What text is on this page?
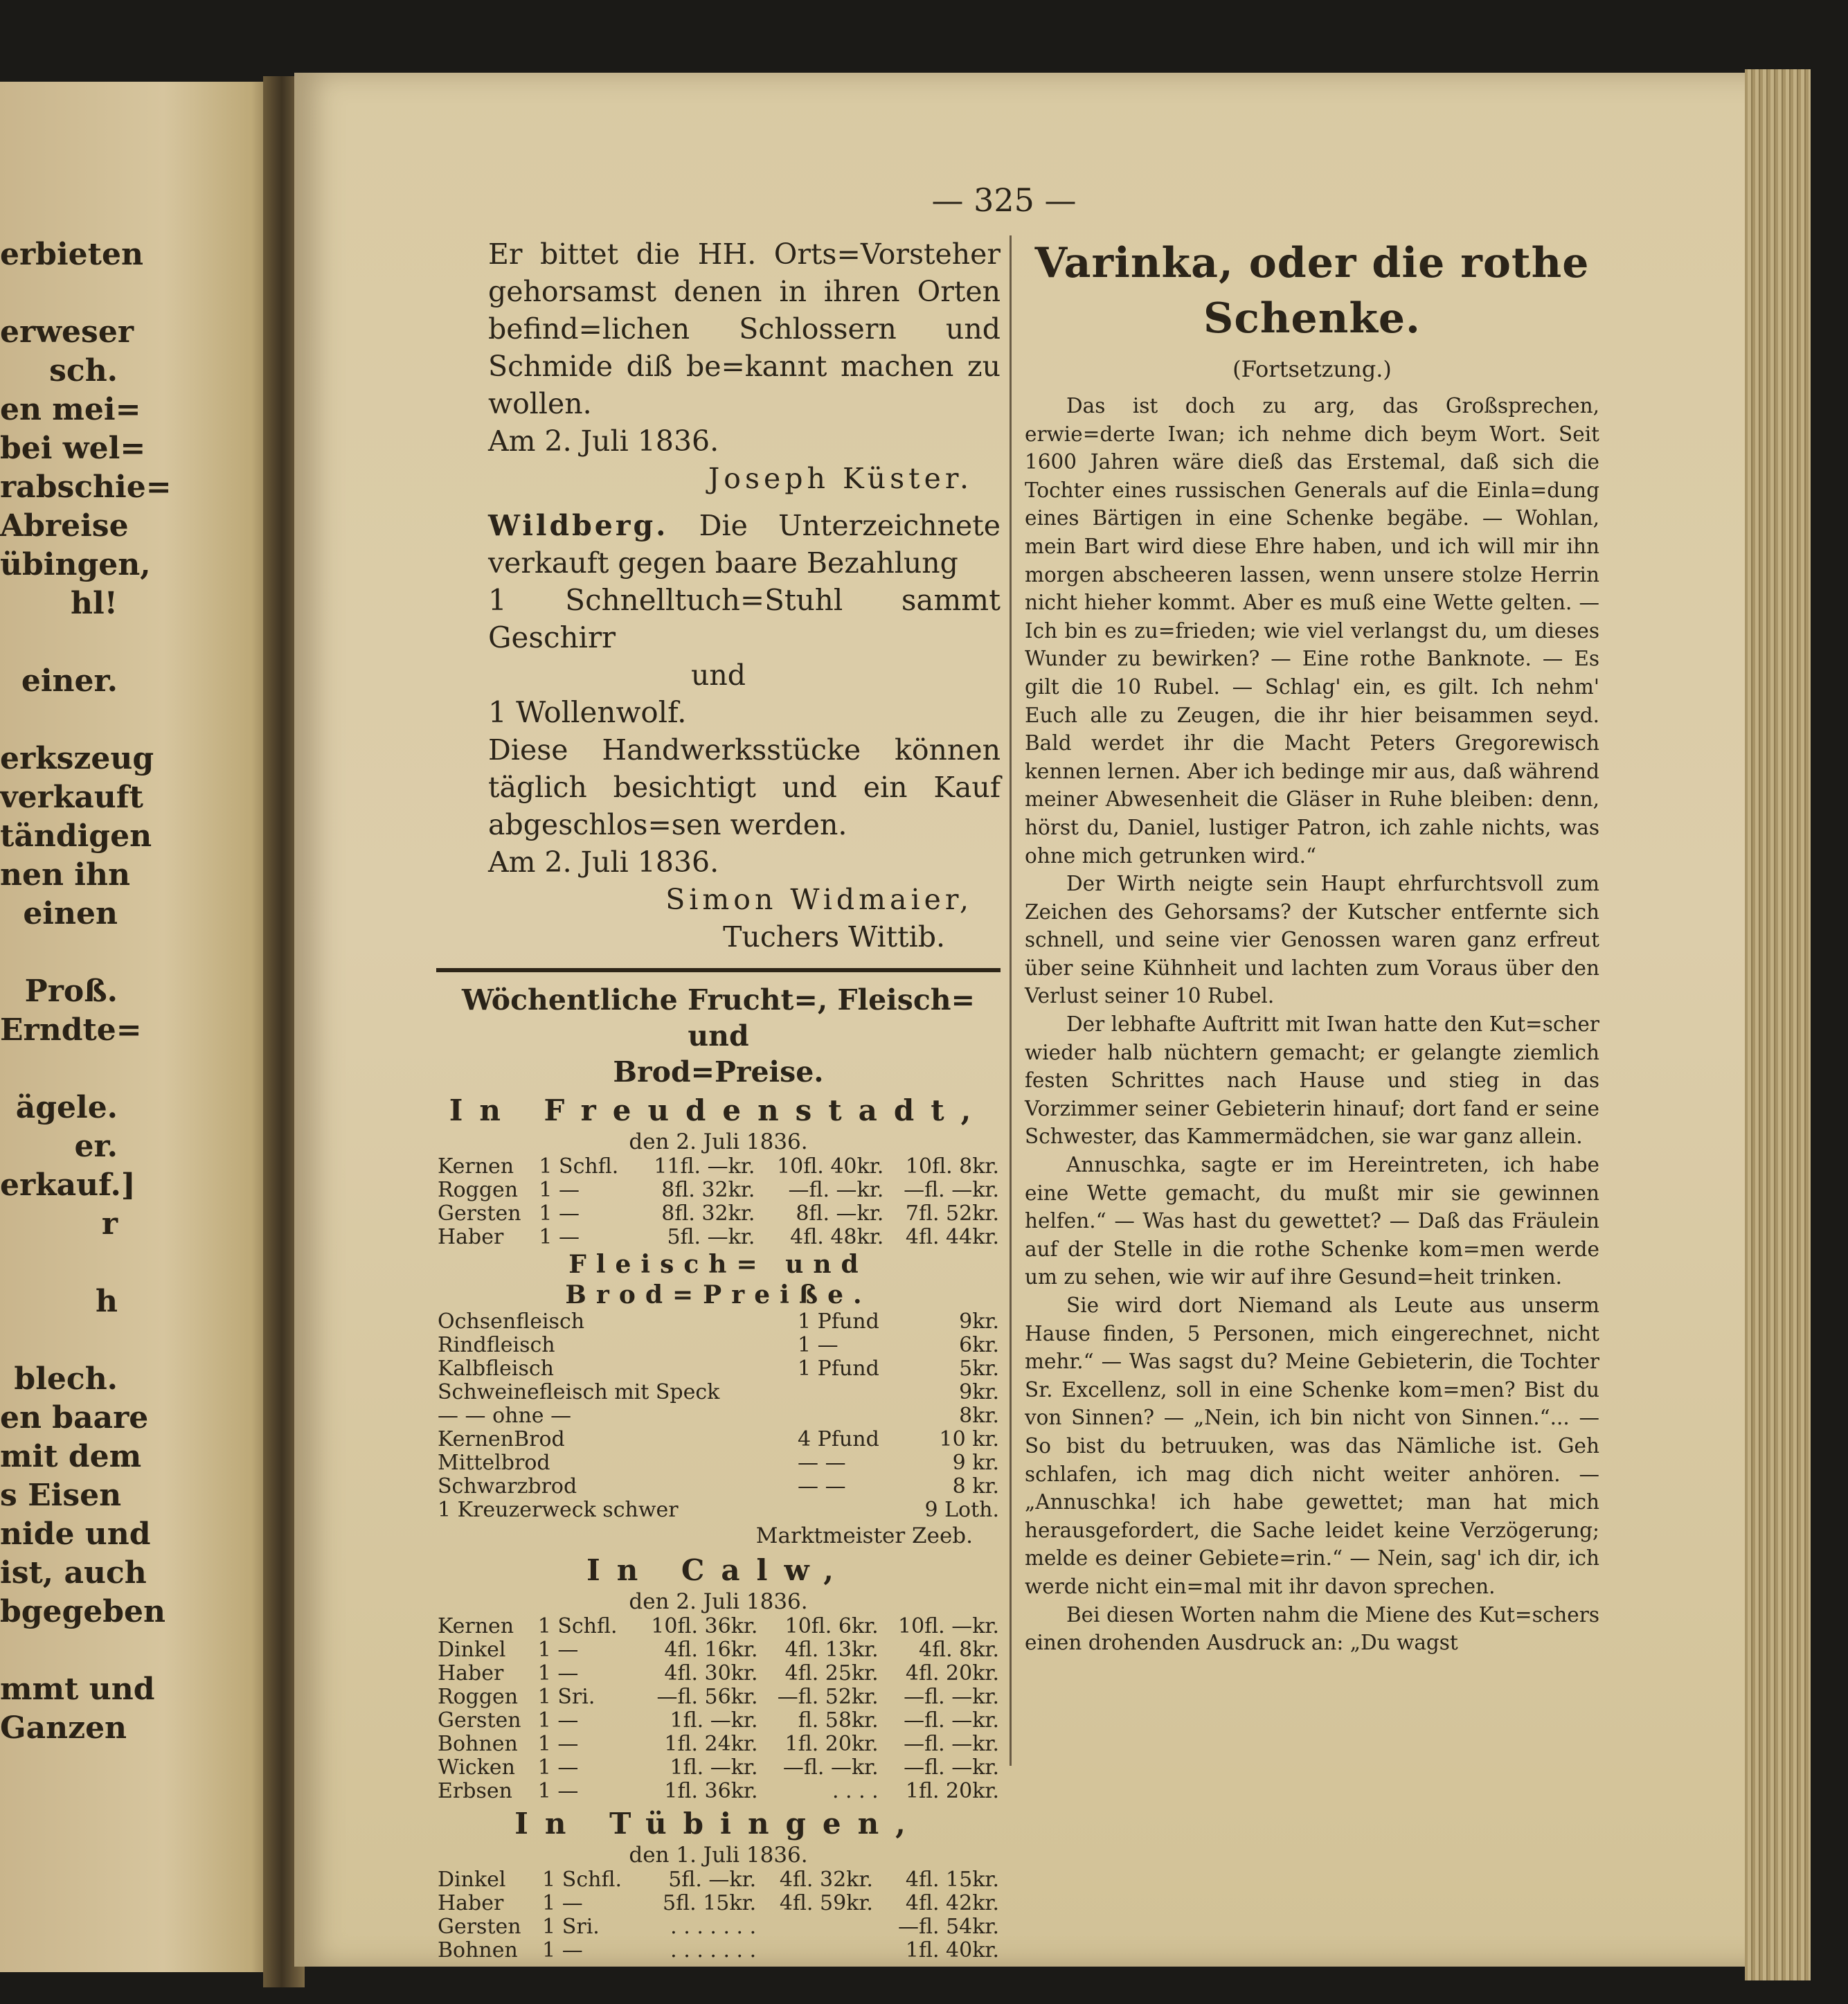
erbieten
erweser
sch.
en mei=
bei wel=
rabschie=
Abreise
übingen,
hl!
einer.
erkszeug
verkauft
tändigen
nen ihn
einen
Proß.
Erndte=
ägele.
er.
erkauf.]
r
h
blech.
en baare
mit dem
s Eisen
nide und
ist, auch
bgegeben
mmt und
Ganzen
— 325 —

Er bittet die HH. Orts=Vorsteher gehorsamst denen in ihren Orten befind=lichen Schlossern und Schmide diß be=kannt machen zu wollen.

Am 2. Juli 1836.

Joseph Küster.

Wildberg. Die Unterzeichnete verkauft gegen baare Bezahlung

1 Schnelltuch=Stuhl sammt Geschirr

und

1 Wollenwolf.

Diese Handwerksstücke können täglich besichtigt und ein Kauf abgeschlos=sen werden.

Am 2. Juli 1836.

Simon Widmaier,

Tuchers Wittib.

Wöchentliche Frucht=, Fleisch= und
Brod=Preise.
In Freudenstadt,
den 2. Juli 1836.
Kernen	1 Schfl.	11fl. —kr.	10fl. 40kr.	10fl. 8kr.
Roggen	1 —	8fl. 32kr.	—fl. —kr.	—fl. —kr.
Gersten	1 —	8fl. 32kr.	8fl. —kr.	7fl. 52kr.
Haber	1 —	5fl. —kr.	4fl. 48kr.	4fl. 44kr.
Fleisch= und Brod=Preiße.
Ochsenfleisch	1 Pfund	9kr.
Rindfleisch	1 —	6kr.
Kalbfleisch	1 Pfund	5kr.
Schweinefleisch mit Speck		9kr.
— — ohne —		8kr.
KernenBrod	4 Pfund	10 kr.
Mittelbrod	— —	9 kr.
Schwarzbrod	— —	8 kr.
1 Kreuzerweck schwer		9 Loth.
Marktmeister Zeeb.
In Calw,
den 2. Juli 1836.
Kernen	1 Schfl.	10fl. 36kr.	10fl. 6kr.	10fl. —kr.
Dinkel	1 —	4fl. 16kr.	4fl. 13kr.	4fl. 8kr.
Haber	1 —	4fl. 30kr.	4fl. 25kr.	4fl. 20kr.
Roggen	1 Sri.	—fl. 56kr.	—fl. 52kr.	—fl. —kr.
Gersten	1 —	1fl. —kr.	fl. 58kr.	—fl. —kr.
Bohnen	1 —	1fl. 24kr.	1fl. 20kr.	—fl. —kr.
Wicken	1 —	1fl. —kr.	—fl. —kr.	—fl. —kr.
Erbsen	1 —	1fl. 36kr.	. . . .	1fl. 20kr.
In Tübingen,
den 1. Juli 1836.
Dinkel	1 Schfl.	5fl. —kr.	4fl. 32kr.	4fl. 15kr.
Haber	1 —	5fl. 15kr.	4fl. 59kr.	4fl. 42kr.
Gersten	1 Sri.	. . . . . . .		—fl. 54kr.
Bohnen	1 —	. . . . . . .		1fl. 40kr.
Varinka, oder die rothe Schenke.
(Fortsetzung.)

Das ist doch zu arg, das Großsprechen, erwie=derte Iwan; ich nehme dich beym Wort. Seit 1600 Jahren wäre dieß das Erstemal, daß sich die Tochter eines russischen Generals auf die Einla=dung eines Bärtigen in eine Schenke begäbe. — Wohlan, mein Bart wird diese Ehre haben, und ich will mir ihn morgen abscheeren lassen, wenn unsere stolze Herrin nicht hieher kommt. Aber es muß eine Wette gelten. — Ich bin es zu=frieden; wie viel verlangst du, um dieses Wunder zu bewirken? — Eine rothe Banknote. — Es gilt die 10 Rubel. — Schlag' ein, es gilt. Ich nehm' Euch alle zu Zeugen, die ihr hier beisammen seyd. Bald werdet ihr die Macht Peters Gregorewisch kennen lernen. Aber ich bedinge mir aus, daß während meiner Abwesenheit die Gläser in Ruhe bleiben: denn, hörst du, Daniel, lustiger Patron, ich zahle nichts, was ohne mich getrunken wird.“

Der Wirth neigte sein Haupt ehrfurchtsvoll zum Zeichen des Gehorsams? der Kutscher entfernte sich schnell, und seine vier Genossen waren ganz erfreut über seine Kühnheit und lachten zum Voraus über den Verlust seiner 10 Rubel.

Der lebhafte Auftritt mit Iwan hatte den Kut=scher wieder halb nüchtern gemacht; er gelangte ziemlich festen Schrittes nach Hause und stieg in das Vorzimmer seiner Gebieterin hinauf; dort fand er seine Schwester, das Kammermädchen, sie war ganz allein.

Annuschka, sagte er im Hereintreten, ich habe eine Wette gemacht, du mußt mir sie gewinnen helfen.“ — Was hast du gewettet? — Daß das Fräulein auf der Stelle in die rothe Schenke kom=men werde um zu sehen, wie wir auf ihre Gesund=heit trinken.

Sie wird dort Niemand als Leute aus unserm Hause finden, 5 Personen, mich eingerechnet, nicht mehr.“ — Was sagst du? Meine Gebieterin, die Tochter Sr. Excellenz, soll in eine Schenke kom=men? Bist du von Sinnen? — „Nein, ich bin nicht von Sinnen.“... — So bist du betruuken, was das Nämliche ist. Geh schlafen, ich mag dich nicht weiter anhören. — „Annuschka! ich habe gewettet; man hat mich herausgefordert, die Sache leidet keine Verzögerung; melde es deiner Gebiete=rin.“ — Nein, sag' ich dir, ich werde nicht ein=mal mit ihr davon sprechen.

Bei diesen Worten nahm die Miene des Kut=schers einen drohenden Ausdruck an: „Du wagst
